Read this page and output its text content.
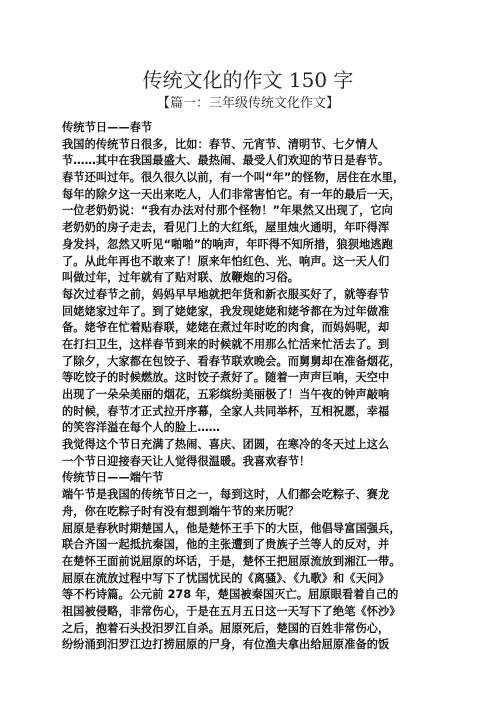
传统文化的作文 150 字
【篇一：三年级传统文化作文】
传统节日——春节
我国的传统节日很多，比如：春节、元宵节、清明节、七夕情人
节……其中在我国最盛大、最热闹、最受人们欢迎的节日是春节。
春节还叫过年。很久很久以前，有一个叫“年”的怪物，居住在水里，
每年的除夕这一天出来吃人，人们非常害怕它。有一年的最后一天，
一位老奶奶说：“我有办法对付那个怪物！”年果然又出现了，它向
老奶奶的房子走去，看见门上的大红纸，屋里烛火通明，年吓得浑
身发抖，忽然又听见“啪啪”的响声，年吓得不知所措，狼狈地逃跑
了。从此年再也不敢来了！原来年怕红色、光、响声。这一天人们
叫做过年，过年就有了贴对联、放鞭炮的习俗。
每次过春节之前，妈妈早早地就把年货和新衣服买好了，就等春节
回姥姥家过年了。到了姥姥家，我发现姥姥和姥爷都在为过年做准
备。姥爷在忙着贴春联，姥姥在煮过年时吃的肉食，而妈妈呢，却
在打扫卫生，这样春节到来的时候就不用那么忙活来忙活去了。到
了除夕，大家都在包饺子、看春节联欢晚会。而舅舅却在准备烟花，
等吃饺子的时候燃放。这时饺子煮好了。随着一声声巨响，天空中
出现了一朵朵美丽的烟花，五彩缤纷美丽极了！当午夜的钟声敲响
的时候，春节才正式拉开序幕，全家人共同举杯，互相祝愿，幸福
的笑容洋溢在每个人的脸上……
我觉得这个节日充满了热闹、喜庆、团圆，在寒冷的冬天过上这么
一个节日迎接春天让人觉得很温暖。我喜欢春节！
传统节日——端午节
端午节是我国的传统节日之一，每到这时，人们都会吃粽子、赛龙
舟，你在吃粽子时有没有想到端午节的来历呢？
屈原是春秋时期楚国人，他是楚怀王手下的大臣，他倡导富国强兵，
联合齐国一起抵抗秦国，他的主张遭到了贵族子兰等人的反对，并
在楚怀王面前说屈原的坏话，于是，楚怀王把屈原流放到湘江一带。
屈原在流放过程中写下了忧国忧民的《离骚》、《九歌》和《天问》
等不朽诗篇。公元前 278 年，楚国被秦国灭亡。屈原眼看着自己的
祖国被侵略，非常伤心，于是在五月五日这一天写下了绝笔《怀沙》
之后，抱着石头投汨罗江自杀。屈原死后，楚国的百姓非常伤心，
纷纷涌到汨罗江边打捞屈原的尸身，有位渔夫拿出给屈原准备的饭
